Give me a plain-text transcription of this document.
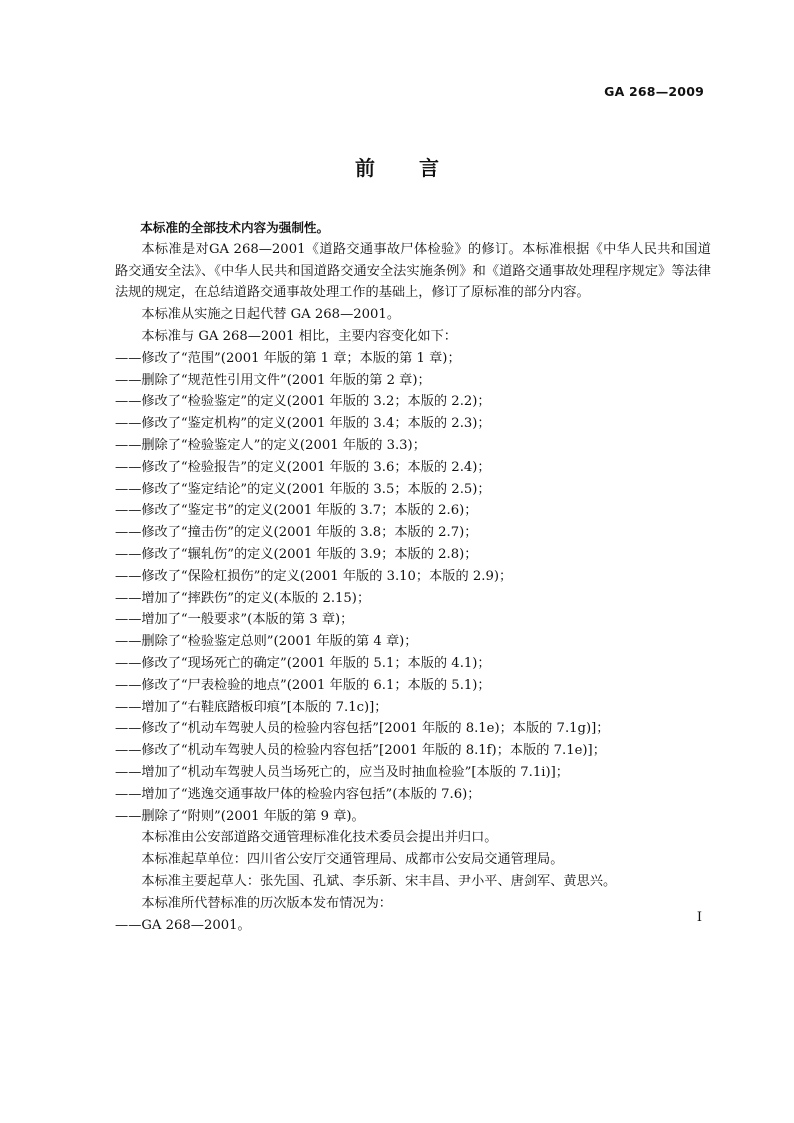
GA 268—2009
前 言

本标准的全部技术内容为强制性。

本标准是对GA 268—2001《道路交通事故尸体检验》的修订。本标准根据《中华人民共和国道路交通安全法》、《中华人民共和国道路交通安全法实施条例》和《道路交通事故处理程序规定》等法律法规的规定，在总结道路交通事故处理工作的基础上，修订了原标准的部分内容。

本标准从实施之日起代替 GA 268—2001。

本标准与 GA 268—2001 相比，主要内容变化如下：

——修改了“范围”(2001 年版的第 1 章；本版的第 1 章)；

——删除了“规范性引用文件”(2001 年版的第 2 章)；

——修改了“检验鉴定”的定义(2001 年版的 3.2；本版的 2.2)；

——修改了“鉴定机构”的定义(2001 年版的 3.4；本版的 2.3)；

——删除了“检验鉴定人”的定义(2001 年版的 3.3)；

——修改了“检验报告”的定义(2001 年版的 3.6；本版的 2.4)；

——修改了“鉴定结论”的定义(2001 年版的 3.5；本版的 2.5)；

——修改了“鉴定书”的定义(2001 年版的 3.7；本版的 2.6)；

——修改了“撞击伤”的定义(2001 年版的 3.8；本版的 2.7)；

——修改了“辗轧伤”的定义(2001 年版的 3.9；本版的 2.8)；

——修改了“保险杠损伤”的定义(2001 年版的 3.10；本版的 2.9)；

——增加了“摔跌伤”的定义(本版的 2.15)；

——增加了“一般要求”(本版的第 3 章)；

——删除了“检验鉴定总则”(2001 年版的第 4 章)；

——修改了“现场死亡的确定”(2001 年版的 5.1；本版的 4.1)；

——修改了“尸表检验的地点”(2001 年版的 6.1；本版的 5.1)；

——增加了“右鞋底踏板印痕”[本版的 7.1c)]；

——修改了“机动车驾驶人员的检验内容包括”[2001 年版的 8.1e)；本版的 7.1g)]；

——修改了“机动车驾驶人员的检验内容包括”[2001 年版的 8.1f)；本版的 7.1e)]；

——增加了“机动车驾驶人员当场死亡的，应当及时抽血检验”[本版的 7.1i)]；

——增加了“逃逸交通事故尸体的检验内容包括”(本版的 7.6)；

——删除了“附则”(2001 年版的第 9 章)。

本标准由公安部道路交通管理标准化技术委员会提出并归口。

本标准起草单位：四川省公安厅交通管理局、成都市公安局交通管理局。

本标准主要起草人：张先国、孔斌、李乐新、宋丰昌、尹小平、唐剑军、黄思兴。

本标准所代替标准的历次版本发布情况为：

——GA 268—2001。	I
